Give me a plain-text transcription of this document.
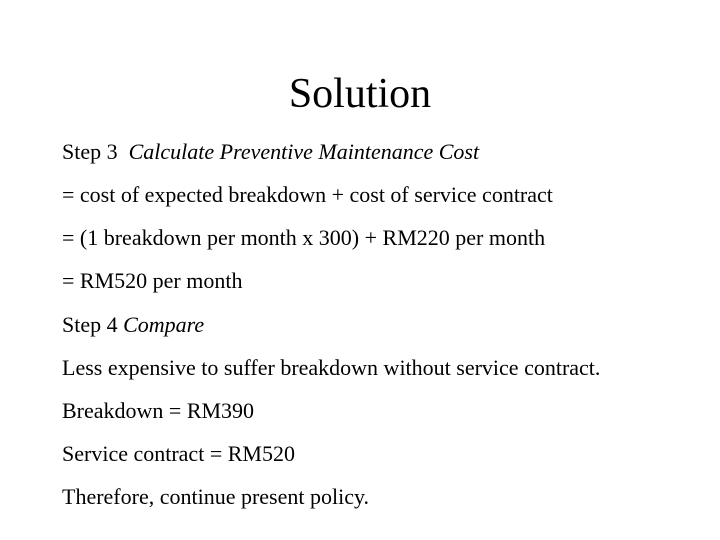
Solution
Step 3 Calculate Preventive Maintenance Cost
= cost of expected breakdown + cost of service contract
= (1 breakdown per month x 300) + RM220 per month
= RM520 per month
Step 4 Compare
Less expensive to suffer breakdown without service contract.
Breakdown = RM390
Service contract = RM520
Therefore, continue present policy.
